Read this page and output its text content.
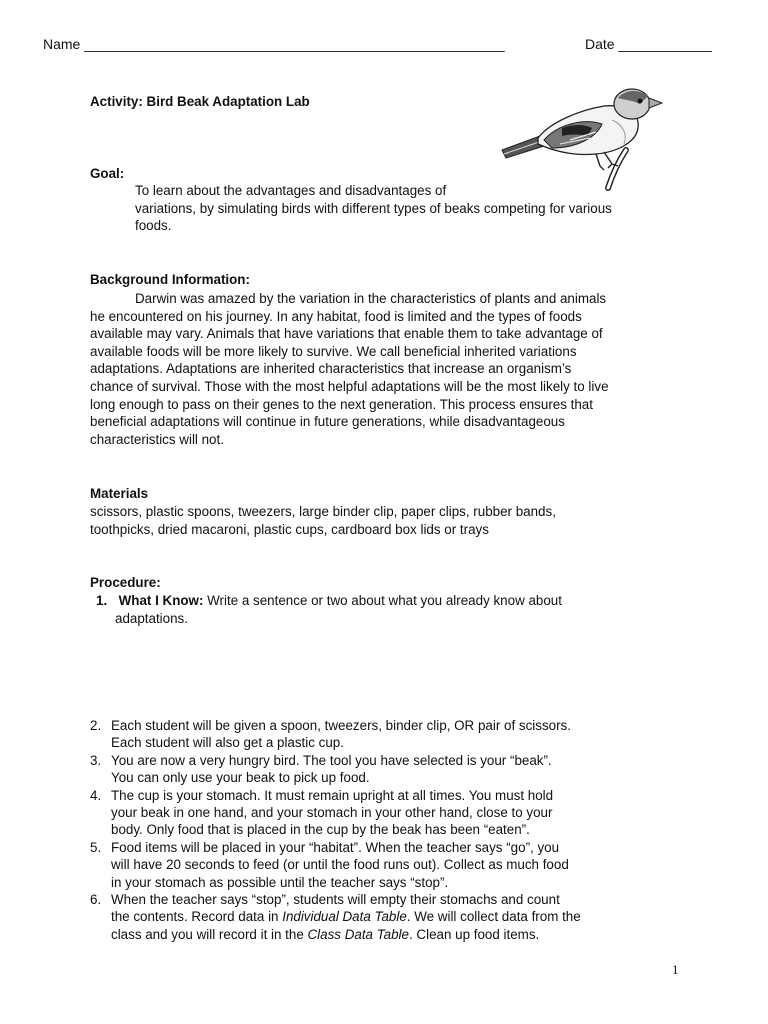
Name ______________________________________________________	Date ____________
Activity: Bird Beak Adaptation Lab
Goal:
To learn about the advantages and disadvantages of
variations, by simulating birds with different types of beaks competing for various
foods.
Background Information:
Darwin was amazed by the variation in the characteristics of plants and animals
he encountered on his journey. In any habitat, food is limited and the types of foods
available may vary. Animals that have variations that enable them to take advantage of
available foods will be more likely to survive. We call beneficial inherited variations
adaptations. Adaptations are inherited characteristics that increase an organism’s
chance of survival. Those with the most helpful adaptations will be the most likely to live
long enough to pass on their genes to the next generation. This process ensures that
beneficial adaptations will continue in future generations, while disadvantageous
characteristics will not.
Materials
scissors, plastic spoons, tweezers, large binder clip, paper clips, rubber bands,
toothpicks, dried macaroni, plastic cups, cardboard box lids or trays
Procedure:
1. What I Know: Write a sentence or two about what you already know about
adaptations.
2. Each student will be given a spoon, tweezers, binder clip, OR pair of scissors.
Each student will also get a plastic cup.
3. You are now a very hungry bird. The tool you have selected is your “beak”.
You can only use your beak to pick up food.
4. The cup is your stomach. It must remain upright at all times. You must hold
your beak in one hand, and your stomach in your other hand, close to your
body. Only food that is placed in the cup by the beak has been “eaten”.
5. Food items will be placed in your “habitat”. When the teacher says “go”, you
will have 20 seconds to feed (or until the food runs out). Collect as much food
in your stomach as possible until the teacher says “stop”.
6. When the teacher says “stop”, students will empty their stomachs and count
the contents. Record data in Individual Data Table. We will collect data from the
class and you will record it in the Class Data Table. Clean up food items.
1
